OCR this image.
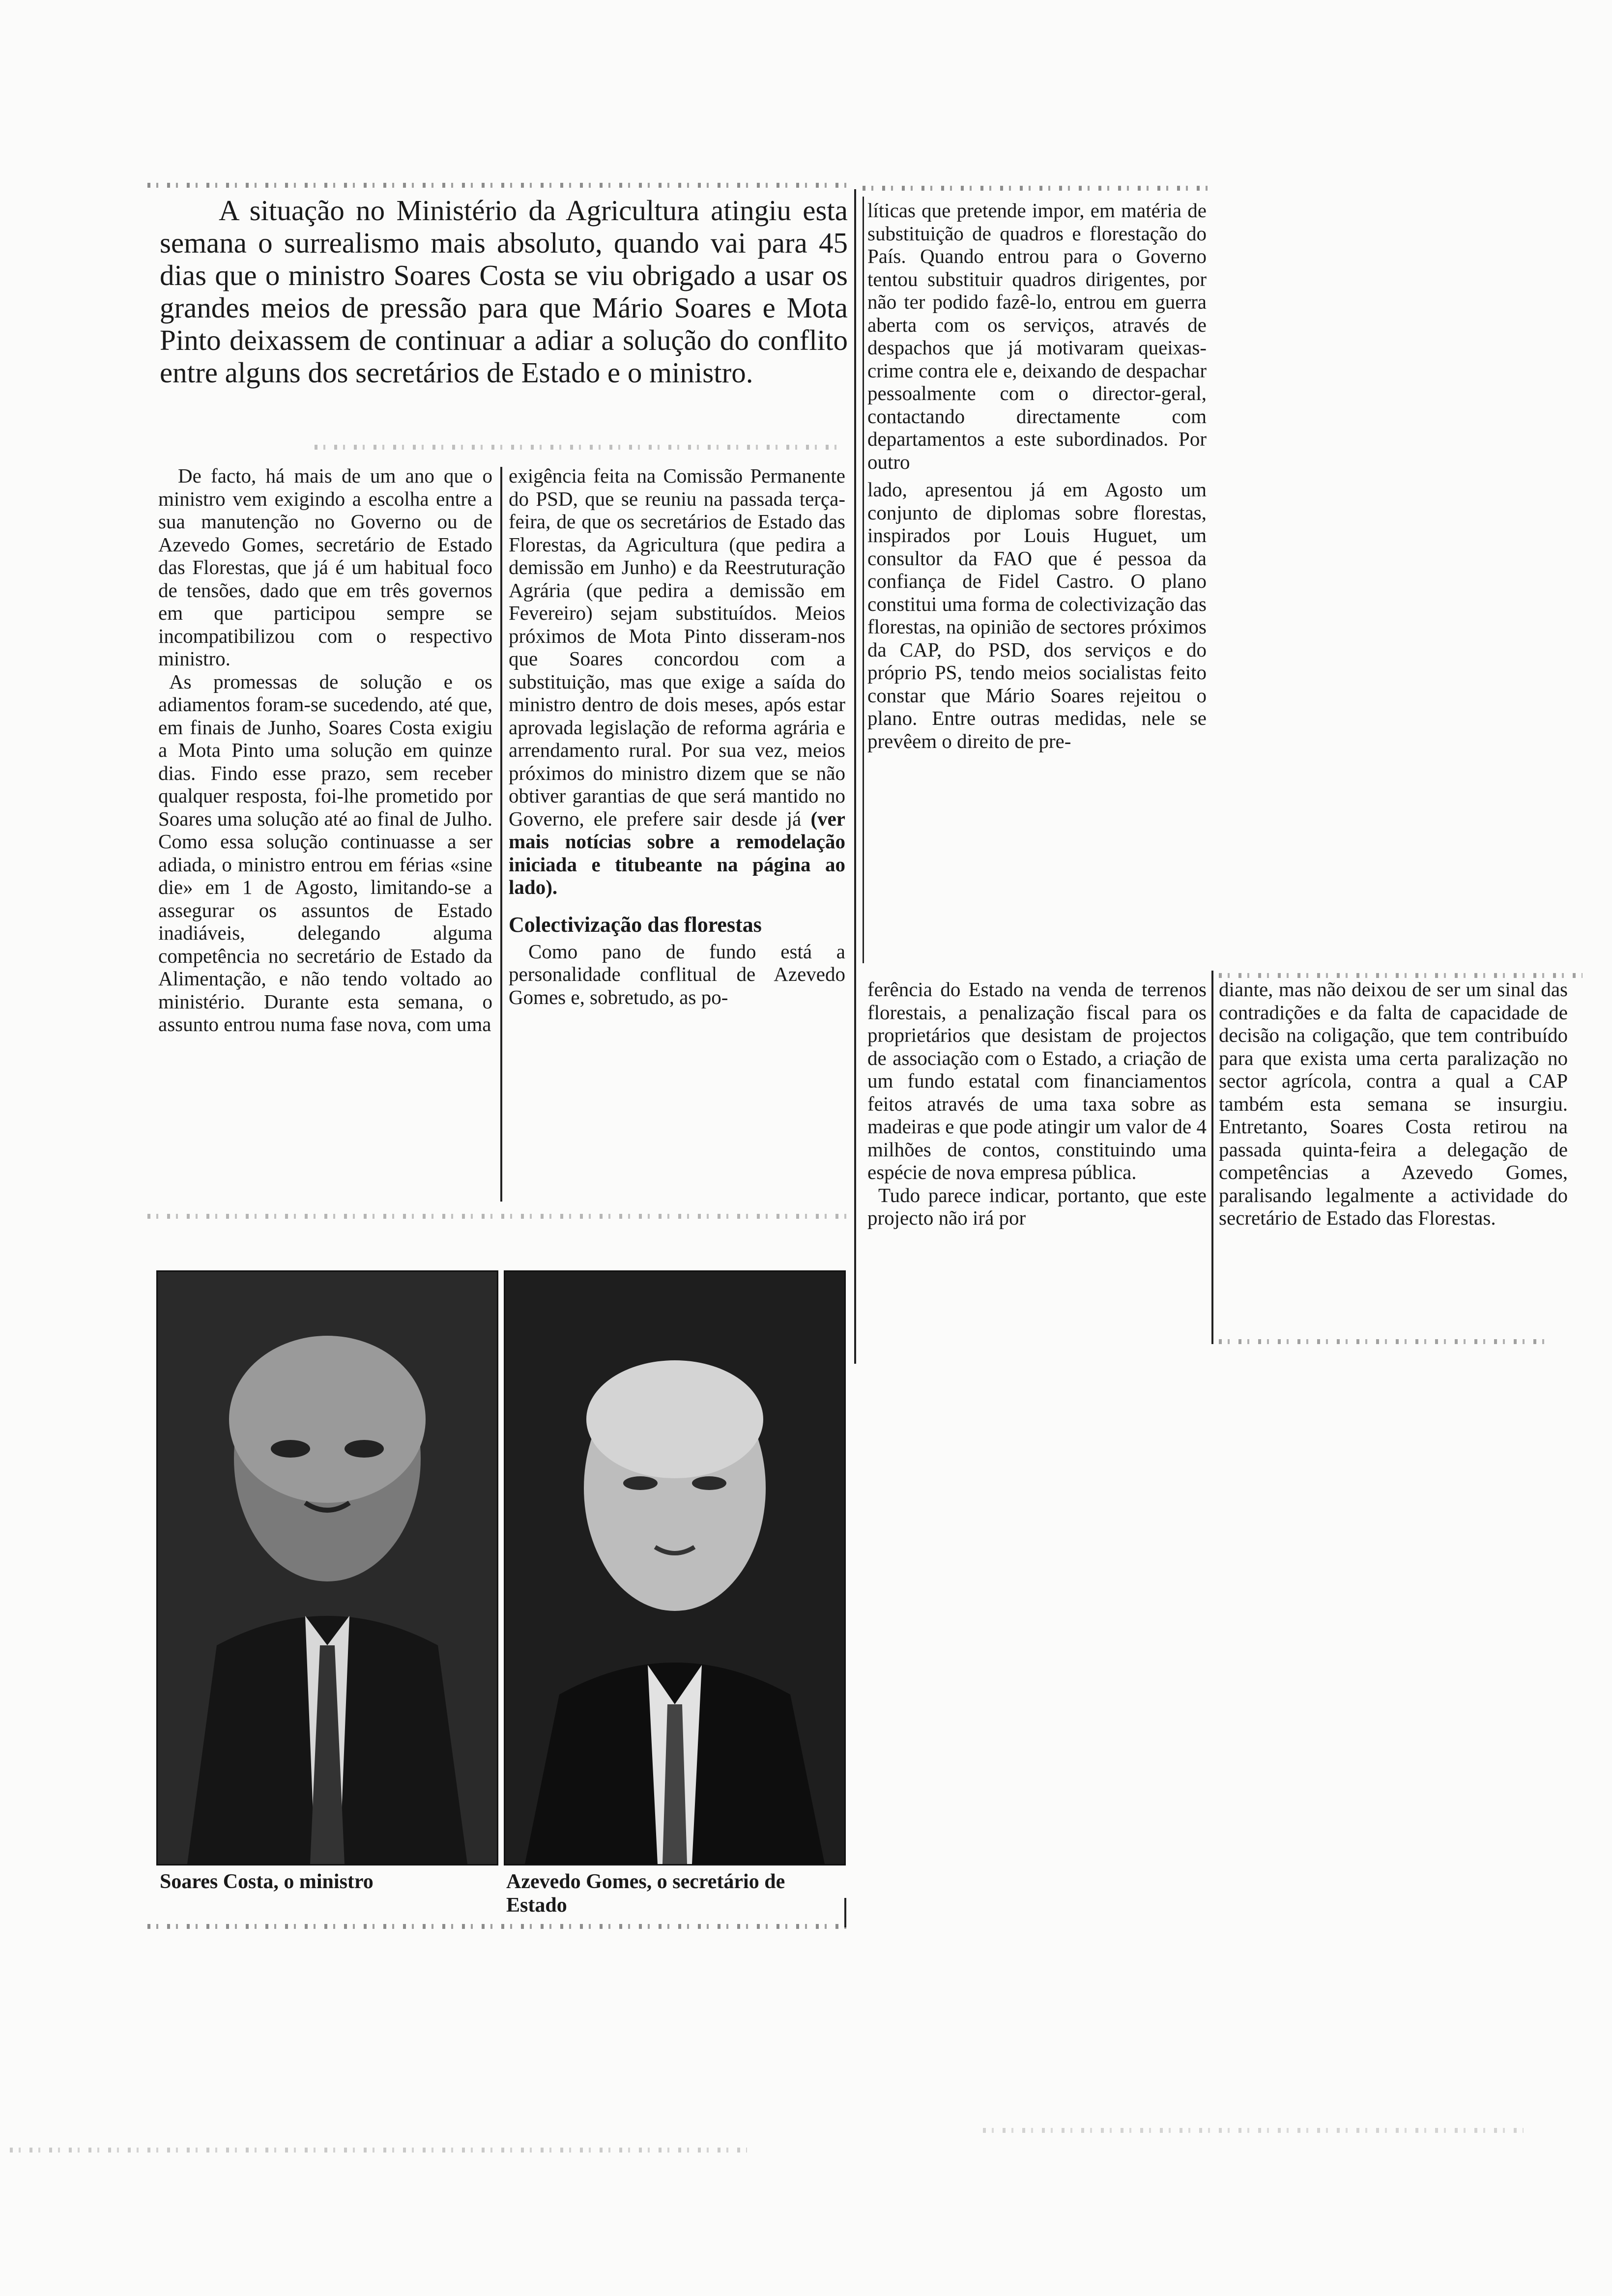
A situação no Ministério da Agricultura atingiu esta semana o surrealismo mais absoluto, quando vai para 45 dias que o ministro Soares Costa se viu obrigado a usar os grandes meios de pressão para que Mário Soares e Mota Pinto deixassem de continuar a adiar a solução do conflito entre alguns dos secretários de Estado e o ministro.

De facto, há mais de um ano que o ministro vem exigindo a escolha entre a sua manutenção no Governo ou de Azevedo Gomes, secretário de Estado das Florestas, que já é um habitual foco de tensões, dado que em três governos em que participou sempre se incompatibilizou com o respectivo ministro.

As promessas de solução e os adiamentos foram-se sucedendo, até que, em finais de Junho, Soares Costa exigiu a Mota Pinto uma solução em quinze dias. Findo esse prazo, sem receber qualquer resposta, foi-lhe prometido por Soares uma solução até ao final de Julho. Como essa solução continuasse a ser adiada, o ministro entrou em férias «sine die» em 1 de Agosto, limitando-se a assegurar os assuntos de Estado inadiáveis, delegando alguma competência no secretário de Estado da Alimentação, e não tendo voltado ao ministério. Durante esta semana, o assunto entrou numa fase nova, com uma

exigência feita na Comissão Permanente do PSD, que se reuniu na passada terça-feira, de que os secretários de Estado das Florestas, da Agricultura (que pedira a demissão em Junho) e da Reestruturação Agrária (que pedira a demissão em Fevereiro) sejam substituídos. Meios próximos de Mota Pinto disseram-nos que Soares concordou com a substituição, mas que exige a saída do ministro dentro de dois meses, após estar aprovada legislação de reforma agrária e arrendamento rural. Por sua vez, meios próximos do ministro dizem que se não obtiver garantias de que será mantido no Governo, ele prefere sair desde já (ver mais notícias sobre a remodelação iniciada e titubeante na página ao lado).

Colectivização das florestas

Como pano de fundo está a personalidade conflitual de Azevedo Gomes e, sobretudo, as po-

líticas que pretende impor, em matéria de substituição de quadros e florestação do País. Quando entrou para o Governo tentou substituir quadros dirigentes, por não ter podido fazê-lo, entrou em guerra aberta com os serviços, através de despachos que já motivaram queixas-crime contra ele e, deixando de despachar pessoalmente com o director-geral, contactando directamente com departamentos a este subordinados. Por outro

lado, apresentou já em Agosto um conjunto de diplomas sobre florestas, inspirados por Louis Huguet, um consultor da FAO que é pessoa da confiança de Fidel Castro. O plano constitui uma forma de colectivização das florestas, na opinião de sectores próximos da CAP, do PSD, dos serviços e do próprio PS, tendo meios socialistas feito constar que Mário Soares rejeitou o plano. Entre outras medidas, nele se prevêem o direito de pre-

ferência do Estado na venda de terrenos florestais, a penalização fiscal para os proprietários que desistam de projectos de associação com o Estado, a criação de um fundo estatal com financiamentos feitos através de uma taxa sobre as madeiras e que pode atingir um valor de 4 milhões de contos, constituindo uma espécie de nova empresa pública.

Tudo parece indicar, portanto, que este projecto não irá por

diante, mas não deixou de ser um sinal das contradições e da falta de capacidade de decisão na coligação, que tem contribuído para que exista uma certa paralização no sector agrícola, contra a qual a CAP também esta semana se insurgiu. Entretanto, Soares Costa retirou na passada quinta-feira a delegação de competências a Azevedo Gomes, paralisando legalmente a actividade do secretário de Estado das Florestas.

Soares Costa, o ministro	Azevedo Gomes, o secretário de Estado
